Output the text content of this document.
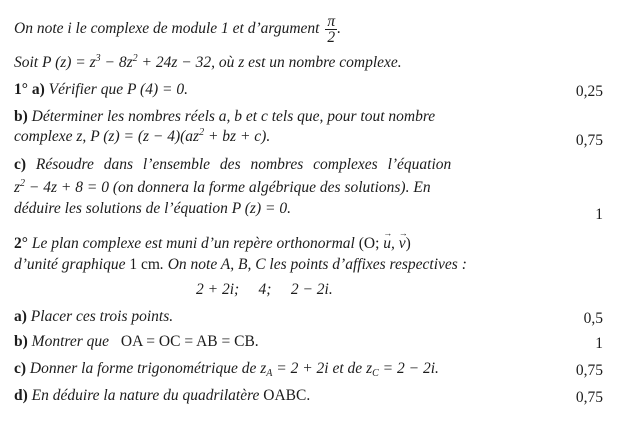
On note i le complexe de module 1 et d’argument $\frac{\pi}{2}$ .
Soit P $(z) = z^3 - 8z^2 + 24z - 32$, où z est un nombre complexe.
1° a) Vérifier que P (4) = 0.	0,25
b) Déterminer les nombres réels a, b et c tels que, pour tout nombre
complexe z, P $(z) = (z - 4)(az^2$ + bz + c).	0,75
c) Résoudre dans l’ensemble des nombres complexes l’équation
$z^2 - 4z + 8 = 0$ (on donnera la forme algébrique des solutions). En
déduire les solutions de l’équation P (z) = 0.	1
2° Le plan complexe est muni d’un repère orthonormal (O; u →, v →)
d’unité graphique 1 cm. On note A, B, C les points d’affixes respectives :
2 + 2i;     4;     2 − 2i.
a) Placer ces trois points.	0,5
b) Montrer que OA = OC = AB = CB.	1
c) Donner la forme trigonométrique de $z_A = 2 + 2i$ et de $z_C = 2 - 2i$.	0,75
d) En déduire la nature du quadrilatère OABC.	0,75
